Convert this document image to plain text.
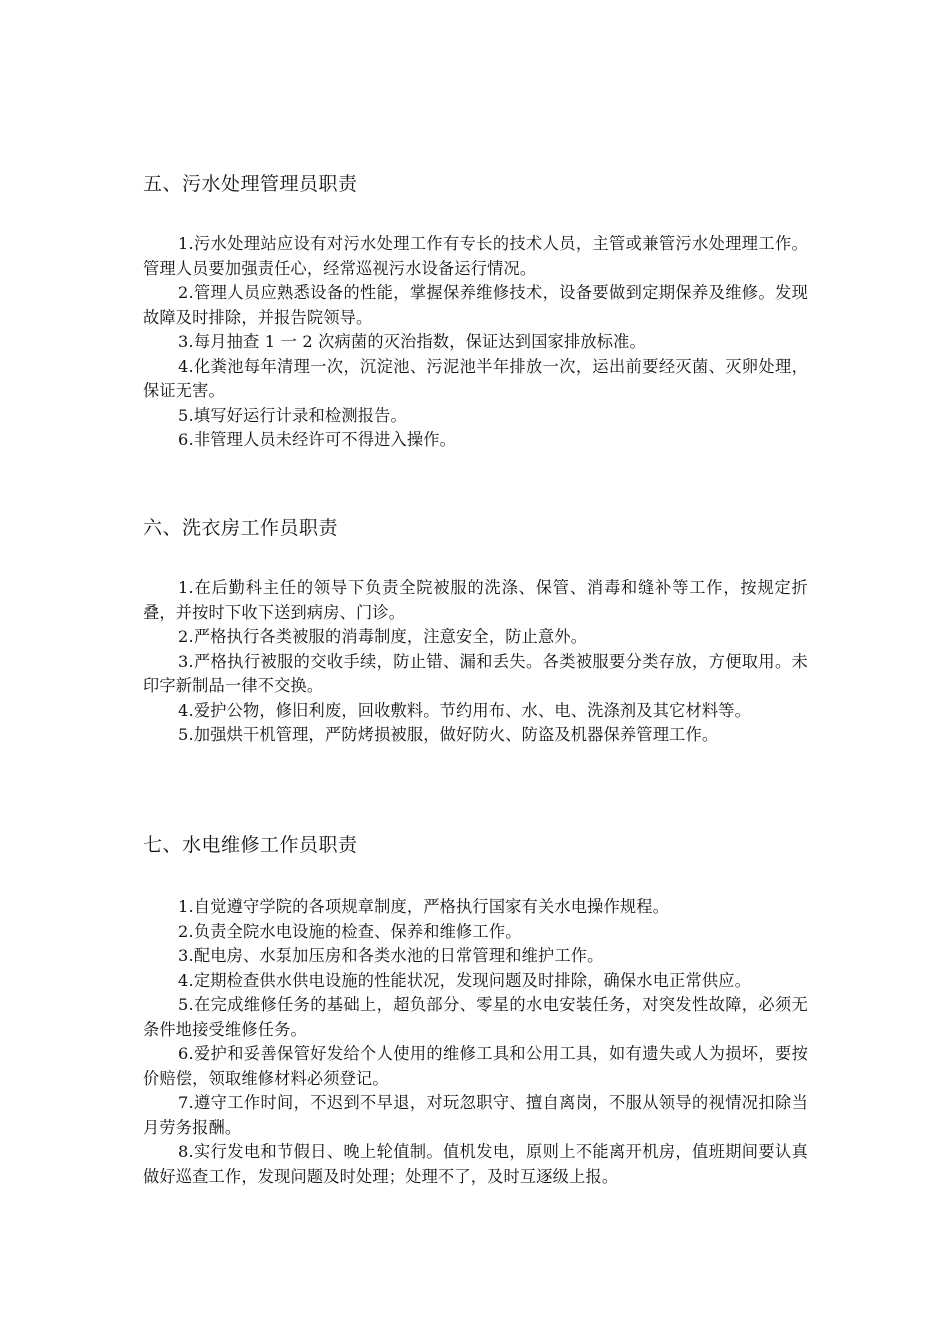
五、污水处理管理员职责

1.污水处理站应设有对污水处理工作有专长的技术人员，主管或兼管污水处理理工作。管理人员要加强责任心，经常巡视污水设备运行情况。

2.管理人员应熟悉设备的性能，掌握保养维修技术，设备要做到定期保养及维修。发现故障及时排除，并报告院领导。

3.每月抽查 1 一 2 次病菌的灭治指数，保证达到国家排放标准。

4.化粪池每年清理一次，沉淀池、污泥池半年排放一次，运出前要经灭菌、灭卵处理，保证无害。

5.填写好运行计录和检测报告。

6.非管理人员未经许可不得进入操作。

六、洗衣房工作员职责

1.在后勤科主任的领导下负责全院被服的洗涤、保管、消毒和缝补等工作，按规定折叠，并按时下收下送到病房、门诊。

2.严格执行各类被服的消毒制度，注意安全，防止意外。

3.严格执行被服的交收手续，防止错、漏和丢失。各类被服要分类存放，方便取用。未印字新制品一律不交换。

4.爱护公物，修旧利废，回收敷料。节约用布、水、电、洗涤剂及其它材料等。

5.加强烘干机管理，严防烤损被服，做好防火、防盗及机器保养管理工作。

七、水电维修工作员职责

1.自觉遵守学院的各项规章制度，严格执行国家有关水电操作规程。

2.负责全院水电设施的检查、保养和维修工作。

3.配电房、水泵加压房和各类水池的日常管理和维护工作。

4.定期检查供水供电设施的性能状况，发现问题及时排除，确保水电正常供应。

5.在完成维修任务的基础上，超负部分、零星的水电安装任务，对突发性故障，必须无条件地接受维修任务。

6.爱护和妥善保管好发给个人使用的维修工具和公用工具，如有遗失或人为损坏，要按价赔偿，领取维修材料必须登记。

7.遵守工作时间，不迟到不早退，对玩忽职守、擅自离岗，不服从领导的视情况扣除当月劳务报酬。

8.实行发电和节假日、晚上轮值制。值机发电，原则上不能离开机房，值班期间要认真做好巡查工作，发现问题及时处理；处理不了，及时互逐级上报。
